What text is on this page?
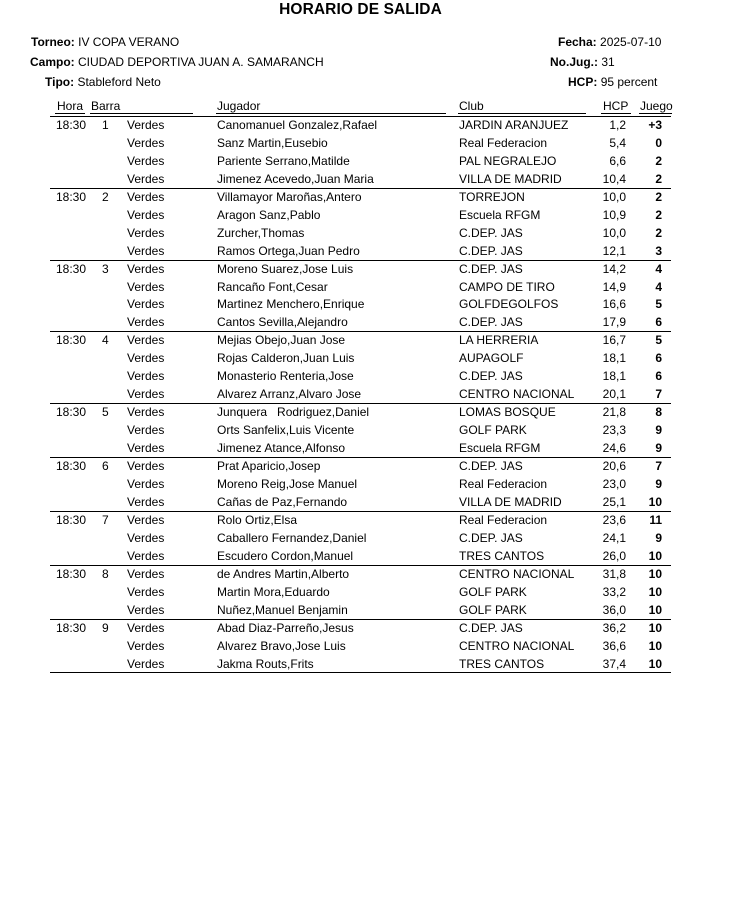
HORARIO DE SALIDA
Torneo: IV COPA VERANO
Campo: CIUDAD DEPORTIVA JUAN A. SAMARANCH
Tipo: Stableford Neto
Fecha: 2025-07-10
No.Jug.: 31
HCP: 95 percent
Hora Barra	Jugador	Club	HCP Juego
18:30 1 Verdes	Canomanuel Gonzalez,Rafael	JARDIN ARANJUEZ	1,2	+3
Verdes	Sanz Martin,Eusebio	Real Federacion	5,4	0
Verdes	Pariente Serrano,Matilde	PAL NEGRALEJO	6,6	2
Verdes	Jimenez Acevedo,Juan Maria	VILLA DE MADRID	10,4	2
18:30 2 Verdes	Villamayor Maroñas,Antero	TORREJON	10,0	2
Verdes	Aragon Sanz,Pablo	Escuela RFGM	10,9	2
Verdes	Zurcher,Thomas	C.DEP. JAS	10,0	2
Verdes	Ramos Ortega,Juan Pedro	C.DEP. JAS	12,1	3
18:30 3 Verdes	Moreno Suarez,Jose Luis	C.DEP. JAS	14,2	4
Verdes	Rancaño Font,Cesar	CAMPO DE TIRO	14,9	4
Verdes	Martinez Menchero,Enrique	GOLFDEGOLFOS	16,6	5
Verdes	Cantos Sevilla,Alejandro	C.DEP. JAS	17,9	6
18:30 4 Verdes	Mejias Obejo,Juan Jose	LA HERRERIA	16,7	5
Verdes	Rojas Calderon,Juan Luis	AUPAGOLF	18,1	6
Verdes	Monasterio Renteria,Jose	C.DEP. JAS	18,1	6
Verdes	Alvarez Arranz,Alvaro Jose	CENTRO NACIONAL	20,1	7
18:30 5 Verdes	Junquera   Rodriguez,Daniel	LOMAS BOSQUE	21,8	8
Verdes	Orts Sanfelix,Luis Vicente	GOLF PARK	23,3	9
Verdes	Jimenez Atance,Alfonso	Escuela RFGM	24,6	9
18:30 6 Verdes	Prat Aparicio,Josep	C.DEP. JAS	20,6	7
Verdes	Moreno Reig,Jose Manuel	Real Federacion	23,0	9
Verdes	Cañas de Paz,Fernando	VILLA DE MADRID	25,1	10
18:30 7 Verdes	Rolo Ortiz,Elsa	Real Federacion	23,6	11
Verdes	Caballero Fernandez,Daniel	C.DEP. JAS	24,1	9
Verdes	Escudero Cordon,Manuel	TRES CANTOS	26,0	10
18:30 8 Verdes	de Andres Martin,Alberto	CENTRO NACIONAL	31,8	10
Verdes	Martin Mora,Eduardo	GOLF PARK	33,2	10
Verdes	Nuñez,Manuel Benjamin	GOLF PARK	36,0	10
18:30 9 Verdes	Abad Diaz-Parreño,Jesus	C.DEP. JAS	36,2	10
Verdes	Alvarez Bravo,Jose Luis	CENTRO NACIONAL	36,6	10
Verdes	Jakma Routs,Frits	TRES CANTOS	37,4	10
